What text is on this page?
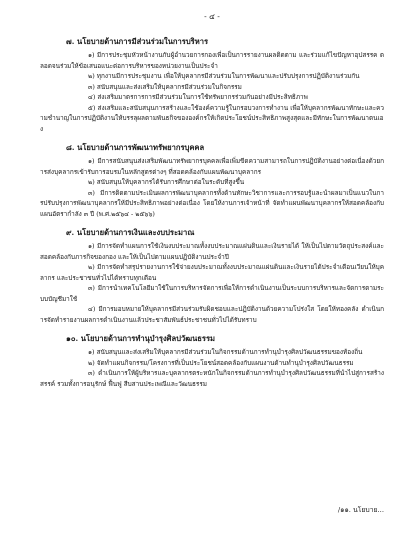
- ๔ -
๗. นโยบายด้านการมีส่วนร่วมในการบริหาร
๑) มีการประชุมหัวหน้างานกับผู้อำนวยการกองเพื่อเป็นการรายงานผลติดตาม และร่วมแก้ไขปัญหาอุปสรรค ตลอดจนร่วมให้ข้อเสนอแนะต่อการบริหารของหน่วยงานเป็นประจำ
๒) ทุกงานมีการประชุมงาน เพื่อให้บุคลากรมีส่วนร่วมในการพัฒนาและปรับปรุงการปฏิบัติงานร่วมกัน
๓) สนับสนุนและส่งเสริมให้บุคลากรมีส่วนร่วมในกิจกรรม
๔) ส่งเสริมมาตรการการมีส่วนร่วมในการใช้ทรัพยากรร่วมกันอย่างมีประสิทธิภาพ
๕) ส่งเสริมและสนับสนุนการสร้างและใช้องค์ความรู้ในกรอบวงการทำงาน เพื่อให้บุคลากรพัฒนาทักษะและความชำนาญในการปฏิบัติงานให้บรรลุผลตามพันธกิจขององค์กรให้เกิดประโยชน์ประสิทธิภาพสูงสุดและมีทักษะในการพัฒนาตนเอง
๘. นโยบายด้านการพัฒนาทรัพยากรบุคคล
๑) มีการสนับสนุนส่งเสริมพัฒนาทรัพยากรบุคคลเพื่อเพิ่มขีดความสามารถในการปฏิบัติงานอย่างต่อเนื่องด้วยการส่งบุคลากรเข้ารับการอบรมในหลักสูตรต่างๆ ที่สอดคล้องกับแผนพัฒนาบุคลากร
๒) สนับสนุนให้บุคลากรได้รับการศึกษาต่อในระดับที่สูงขึ้น
๓) มีการติดตามประเมินผลการพัฒนาบุคลากรทั้งด้านทักษะวิชาการและการรอบรู้และนำผลมาเป็นแนวในการปรับปรุงการพัฒนาบุคลากรให้มีประสิทธิภาพอย่างต่อเนื่อง โดยให้งานการเจ้าหน้าที่ จัดทำแผนพัฒนาบุคลากรให้สอดคล้องกับแผนอัตรากำลัง ๓ ปี (พ.ศ.๒๕๖๔ - ๒๕๖๖)
๙. นโยบายด้านการเงินและงบประมาณ
๑) มีการจัดทำแผนการใช้เงินงบประมาณทั้งงบประมาณแผ่นดินและเงินรายได้ ให้เป็นไปตามวัตถุประสงค์และสอดคล้องกับภารกิจของกอง และให้เป็นไปตามแผนปฏิบัติงานประจำปี
๒) มีการจัดทำสรุปรายงานการใช้จ่ายงบประมาณทั้งงบประมาณแผ่นดินและเงินรายได้ประจำเดือนเวียนให้บุคลากร และประชาชนทั่วไปได้ทราบทุกเดือน
๓) มีการนำเทคโนโลยีมาใช้ในการบริหารจัดการเพื่อให้การดำเนินงานเป็นระบบการบริหารและจัดการตามระบบบัญชีมาใช้
๔) มีการมอบหมายให้บุคลากรมีส่วนร่วมรับผิดชอบและปฏิบัติงานด้วยความโปร่งใส โดยให้ทองคลัง ดำเนินการจัดทำรายงานผลการดำเนินงานแล้วประชาสัมพันธ์ประชาชนทั่วไปได้รับทราบ
๑๐. นโยบายด้านการทำนุบำรุงศิลปวัฒนธรรม
๑) สนับสนุนและส่งเสริมให้บุคลากรมีส่วนร่วมในกิจกรรมด้านการทำนุบำรุงศิลปวัฒนธรรมของท้องถิ่น
๒) จัดทำแผนกิจกรรม/โครงการที่เป็นประโยชน์สอดคล้องกับแผนงานด้านทำนุบำรุงศิลปวัฒนธรรม
๓) ดำเนินการให้ผู้บริหารและบุคลากรตระหนักในกิจกรรมด้านการทำนุบำรุงศิลปวัฒนธรรมที่นำไปสู่การสร้างสรรค์ รวมทั้งการอนุรักษ์ ฟื้นฟู สืบสานประเพณีและวัฒนธรรม
/๑๑. นโยบาย...
